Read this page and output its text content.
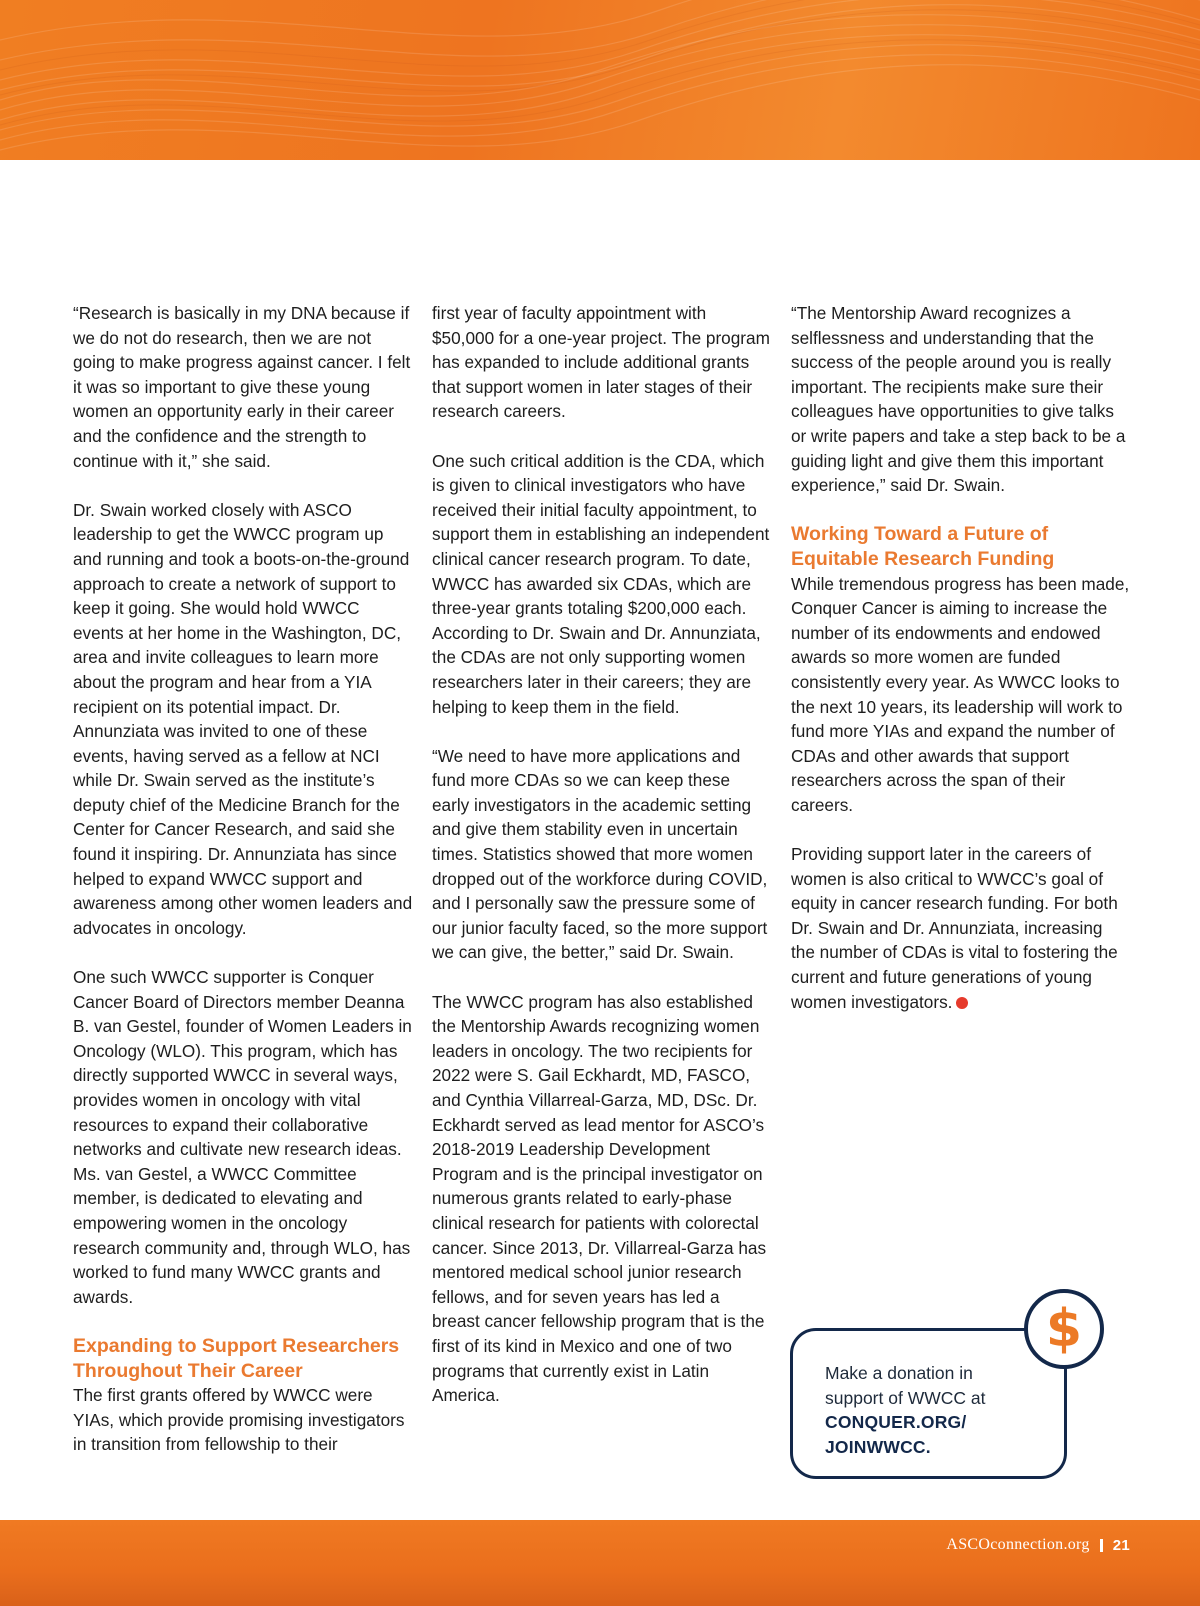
“Research is basically in my DNA because if we do not do research, then we are not going to make progress against cancer. I felt it was so important to give these young women an opportunity early in their career and the confidence and the strength to continue with it,” she said.

Dr. Swain worked closely with ASCO leadership to get the WWCC program up and running and took a boots-on-the-ground approach to create a network of support to keep it going. She would hold WWCC events at her home in the Washington, DC, area and invite colleagues to learn more about the program and hear from a YIA recipient on its potential impact. Dr. Annunziata was invited to one of these events, having served as a fellow at NCI while Dr. Swain served as the institute’s deputy chief of the Medicine Branch for the Center for Cancer Research, and said she found it inspiring. Dr. Annunziata has since helped to expand WWCC support and awareness among other women leaders and advocates in oncology.

One such WWCC supporter is Conquer Cancer Board of Directors member Deanna B. van Gestel, founder of Women Leaders in Oncology (WLO). This program, which has directly supported WWCC in several ways, provides women in oncology with vital resources to expand their collaborative networks and cultivate new research ideas. Ms. van Gestel, a WWCC Committee member, is dedicated to elevating and empowering women in the oncology research community and, through WLO, has worked to fund many WWCC grants and awards.

Expanding to Support Researchers Throughout Their Career

The first grants offered by WWCC were YIAs, which provide promising investigators in transition from fellowship to their

first year of faculty appointment with $50,000 for a one-year project. The program has expanded to include additional grants that support women in later stages of their research careers.

One such critical addition is the CDA, which is given to clinical investigators who have received their initial faculty appointment, to support them in establishing an independent clinical cancer research program. To date, WWCC has awarded six CDAs, which are three-year grants totaling $200,000 each. According to Dr. Swain and Dr. Annunziata, the CDAs are not only supporting women researchers later in their careers; they are helping to keep them in the field.

“We need to have more applications and fund more CDAs so we can keep these early investigators in the academic setting and give them stability even in uncertain times. Statistics showed that more women dropped out of the workforce during COVID, and I personally saw the pressure some of our junior faculty faced, so the more support we can give, the better,” said Dr. Swain.

The WWCC program has also established the Mentorship Awards recognizing women leaders in oncology. The two recipients for 2022 were S. Gail Eckhardt, MD, FASCO, and Cynthia Villarreal-Garza, MD, DSc. Dr. Eckhardt served as lead mentor for ASCO’s 2018-2019 Leadership Development Program and is the principal investigator on numerous grants related to early-phase clinical research for patients with colorectal cancer. Since 2013, Dr. Villarreal-Garza has mentored medical school junior research fellows, and for seven years has led a breast cancer fellowship program that is the first of its kind in Mexico and one of two programs that currently exist in Latin America.

“The Mentorship Award recognizes a selflessness and understanding that the success of the people around you is really important. The recipients make sure their colleagues have opportunities to give talks or write papers and take a step back to be a guiding light and give them this important experience,” said Dr. Swain.

Working Toward a Future of Equitable Research Funding

While tremendous progress has been made, Conquer Cancer is aiming to increase the number of its endowments and endowed awards so more women are funded consistently every year. As WWCC looks to the next 10 years, its leadership will work to fund more YIAs and expand the number of CDAs and other awards that support researchers across the span of their careers.

Providing support later in the careers of women is also critical to WWCC’s goal of equity in cancer research funding. For both Dr. Swain and Dr. Annunziata, increasing the number of CDAs is vital to fostering the current and future generations of young women investigators.

Make a donation in support of WWCC at CONQUER.ORG/ JOINWWCC.
$
ASCOconnection.org 21
